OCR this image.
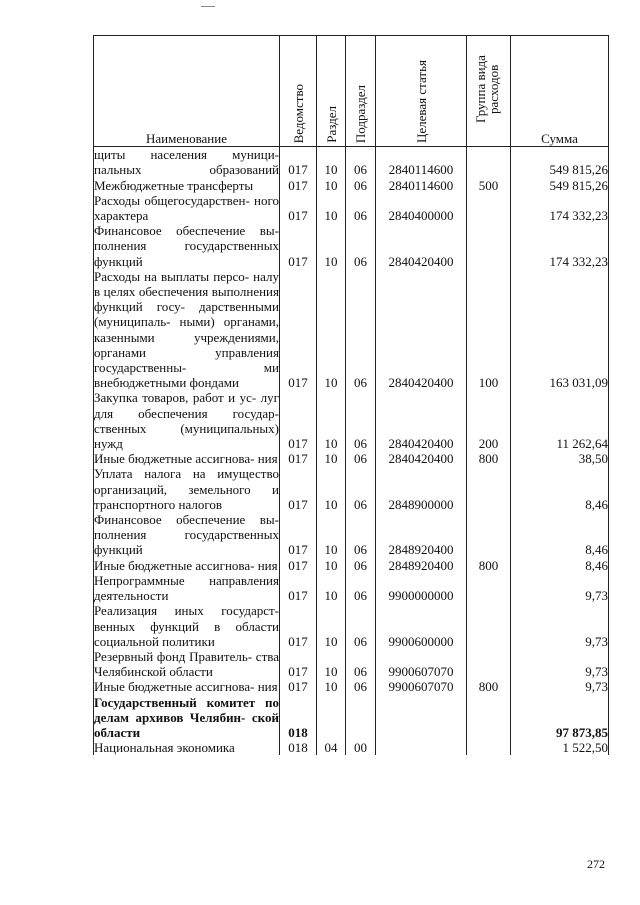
Наименование	Ведомство	Раздел	Подраздел	Целевая статья	Группа вида расходов	Сумма
щиты населения муници- пальных образований	017	10	06	2840114600		549 815,26
Межбюджетные трансферты	017	10	06	2840114600	500	549 815,26
Расходы общегосударствен- ного характера	017	10	06	2840400000		174 332,23
Финансовое обеспечение вы- полнения государственных функций	017	10	06	2840420400		174 332,23
Расходы на выплаты персо- налу в целях обеспечения выполнения функций госу- дарственными (муниципаль- ными) органами, казенными учреждениями, органами управления государственны- ми внебюджетными фондами	017	10	06	2840420400	100	163 031,09
Закупка товаров, работ и ус- луг для обеспечения государ- ственных (муниципальных) нужд	017	10	06	2840420400	200	11 262,64
Иные бюджетные ассигнова- ния	017	10	06	2840420400	800	38,50
Уплата налога на имущество организаций, земельного и транспортного налогов	017	10	06	2848900000		8,46
Финансовое обеспечение вы- полнения государственных функций	017	10	06	2848920400		8,46
Иные бюджетные ассигнова- ния	017	10	06	2848920400	800	8,46
Непрограммные направления деятельности	017	10	06	9900000000		9,73
Реализация иных государст- венных функций в области социальной политики	017	10	06	9900600000		9,73
Резервный фонд Правитель- ства Челябинской области	017	10	06	9900607070		9,73
Иные бюджетные ассигнова- ния	017	10	06	9900607070	800	9,73
Государственный комитет по делам архивов Челябин- ской области	018					97 873,85
Национальная экономика	018	04	00			1 522,50
272
